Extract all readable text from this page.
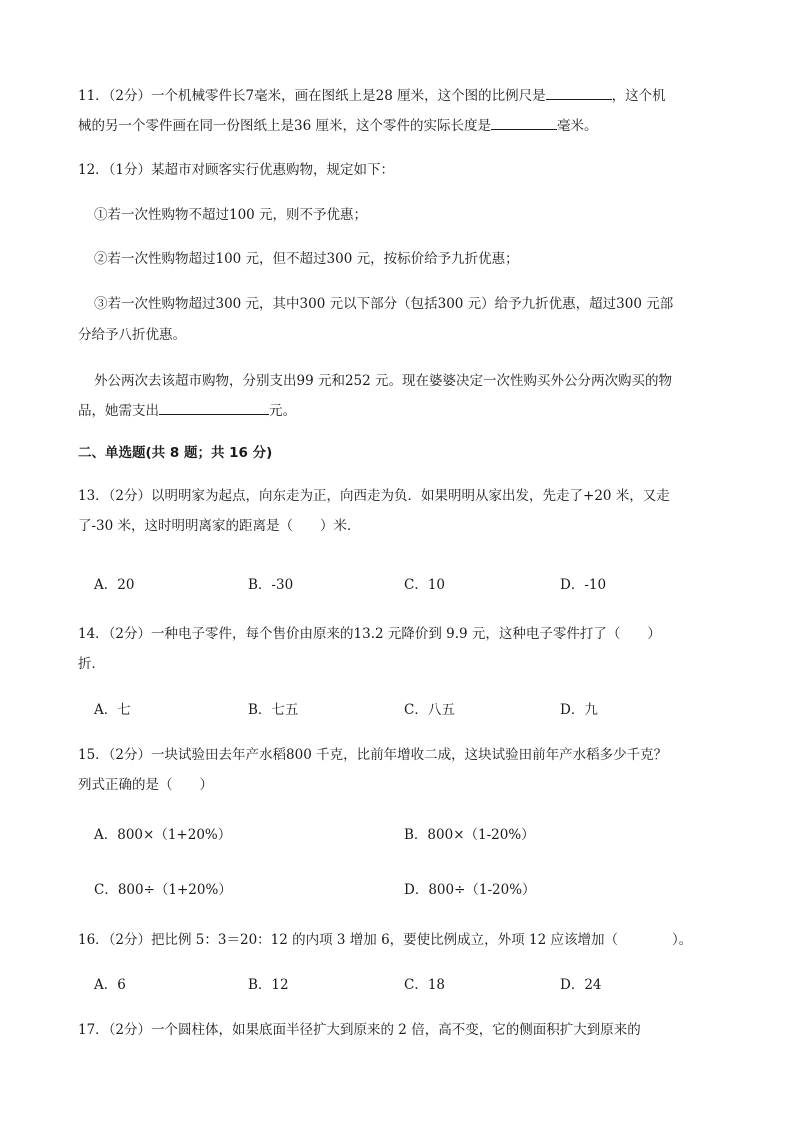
11．（2分）一个机械零件长7毫米，画在图纸上是28 厘米，这个图的比例尺是	，这个机
械的另一个零件画在同一份图纸上是36 厘米，这个零件的实际长度是	毫米。
12．（1分）某超市对顾客实行优惠购物，规定如下：
①若一次性购物不超过100 元，则不予优惠；
②若一次性购物超过100 元，但不超过300 元，按标价给予九折优惠；
③若一次性购物超过300 元，其中300 元以下部分（包括300 元）给予九折优惠，超过300 元部
分给予八折优惠。
外公两次去该超市购物，分别支出99 元和252 元。现在婆婆决定一次性购买外公分两次购买的物
品，她需支出	元。
二、单选题(共 8 题；共 16 分)
13．（2分）以明明家为起点，向东走为正，向西走为负．如果明明从家出发，先走了+20 米，又走
了-30 米，这时明明离家的距离是（　　）米．
A．20	B．-30	C．10	D．-10
14．（2分）一种电子零件，每个售价由原来的13.2 元降价到 9.9 元，这种电子零件打了（　　）
折．
A．七	B．七五	C．八五	D．九
15．（2分）一块试验田去年产水稻800 千克，比前年增收二成，这块试验田前年产水稻多少千克？
列式正确的是（　　）
A．800×（1+20%）	B．800×（1-20%）
C．800÷（1+20%）	D．800÷（1-20%）
16．（2分）把比例 5：3＝20：12 的内项 3 增加 6，要使比例成立，外项 12 应该增加（　　　　）。
A．6	B．12	C．18	D．24
17．（2分）一个圆柱体，如果底面半径扩大到原来的 2 倍，高不变，它的侧面积扩大到原来的
